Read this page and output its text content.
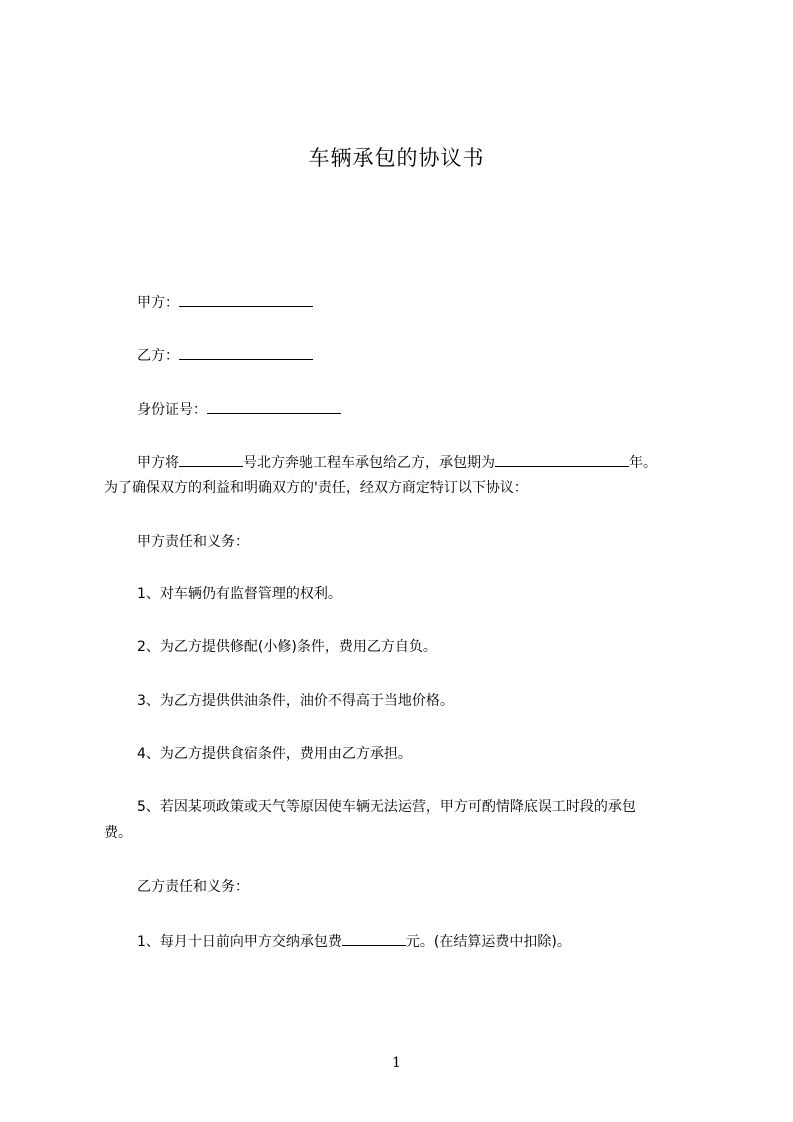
车辆承包的协议书
甲方：
乙方：
身份证号：
甲方将	号北方奔驰工程车承包给乙方，承包期为	年。
为了确保双方的利益和明确双方的'责任，经双方商定特订以下协议：
甲方责任和义务：
1、对车辆仍有监督管理的权利。
2、为乙方提供修配(小修)条件，费用乙方自负。
3、为乙方提供供油条件，油价不得高于当地价格。
4、为乙方提供食宿条件，费用由乙方承担。
5、若因某项政策或天气等原因使车辆无法运营，甲方可酌情降底误工时段的承包
费。
乙方责任和义务：
1、每月十日前向甲方交纳承包费	元。(在结算运费中扣除)。
1
